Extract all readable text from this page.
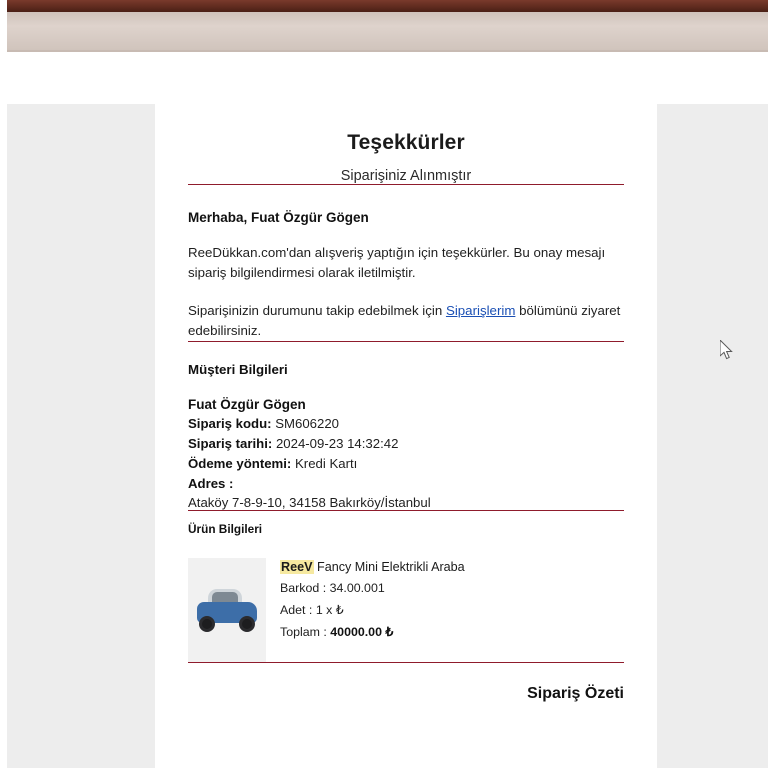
Teşekkürler

Siparişiniz Alınmıştır

Merhaba, Fuat Özgür Gögen
ReeDükkan.com'dan alışveriş yaptığın için teşekkürler. Bu onay mesajı sipariş bilgilendirmesi olarak iletilmiştir.
Siparişinizin durumunu takip edebilmek için Siparişlerim bölümünü ziyaret edebilirsiniz.
Müşteri Bilgileri
Fuat Özgür Gögen
Sipariş kodu: SM606220
Sipariş tarihi: 2024-09-23 14:32:42
Ödeme yöntemi: Kredi Kartı
Adres :
Ataköy 7-8-9-10, 34158 Bakırköy/İstanbul
Ürün Bilgileri
ReeV Fancy Mini Elektrikli Araba
Barkod : 34.00.001
Adet : 1 x ₺
Toplam : 40000.00 ₺
Sipariş Özeti
